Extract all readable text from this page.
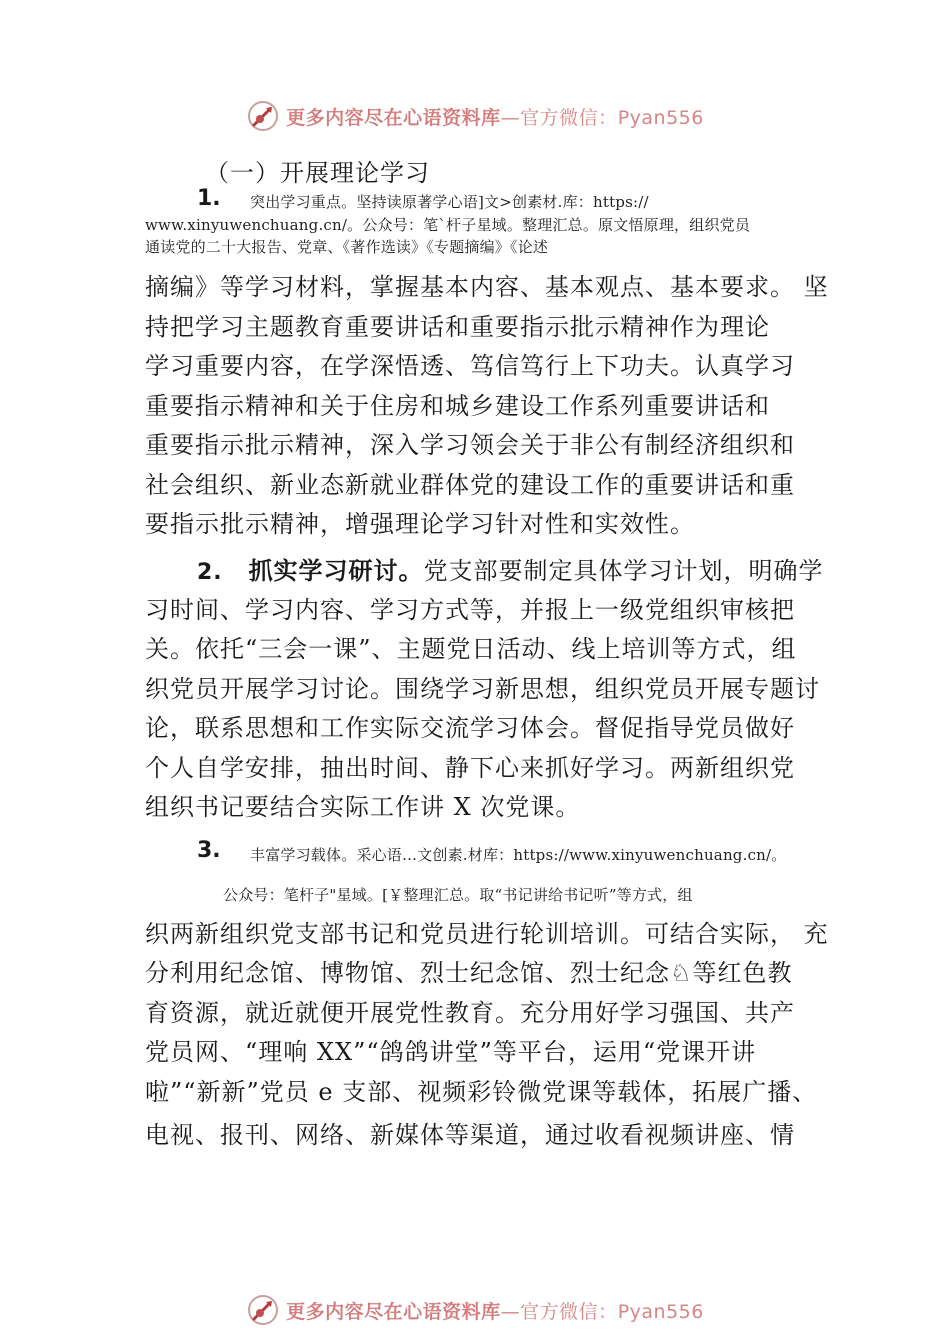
更多内容尽在心语资料库—官方微信：Pyan556
（一）开展理论学习
1. 突出学习重点。坚持读原著学心语]文>创素材.库：https://
www.xinyuwenchuang.cn/。公众号：笔`杆子星域。整理汇总。原文悟原理，组织党员
通读党的二十大报告、党章、《著作选读》《专题摘编》《论述
摘编》等学习材料，掌握基本内容、基本观点、基本要求。 坚
持把学习主题教育重要讲话和重要指示批示精神作为理论
学习重要内容，在学深悟透、笃信笃行上下功夫。认真学习
重要指示精神和关于住房和城乡建设工作系列重要讲话和
重要指示批示精神，深入学习领会关于非公有制经济组织和
社会组织、新业态新就业群体党的建设工作的重要讲话和重
要指示批示精神，增强理论学习针对性和实效性。
2. 抓实学习研讨。党支部要制定具体学习计划，明确学
习时间、学习内容、学习方式等，并报上一级党组织审核把
关。依托“三会一课”、主题党日活动、线上培训等方式，组
织党员开展学习讨论。围绕学习新思想，组织党员开展专题讨
论，联系思想和工作实际交流学习体会。督促指导党员做好
个人自学安排，抽出时间、静下心来抓好学习。两新组织党
组织书记要结合实际工作讲 X 次党课。
3. 丰富学习载体。采心语…文创素.材库：https://www.xinyuwenchuang.cn/。
公众号：笔杆子"星域。[￥整理汇总。取“书记讲给书记听”等方式，组
织两新组织党支部书记和党员进行轮训培训。可结合实际， 充
分利用纪念馆、博物馆、烈士纪念馆、烈士纪念♘等红色教
育资源，就近就便开展党性教育。充分用好学习强国、共产
党员网、“理响 XX”“鸽鸽讲堂”等平台，运用“党课开讲
啦”“新新”党员 e 支部、视频彩铃微党课等载体，拓展广播、
电视、报刊、网络、新媒体等渠道，通过收看视频讲座、情
更多内容尽在心语资料库—官方微信：Pyan556
